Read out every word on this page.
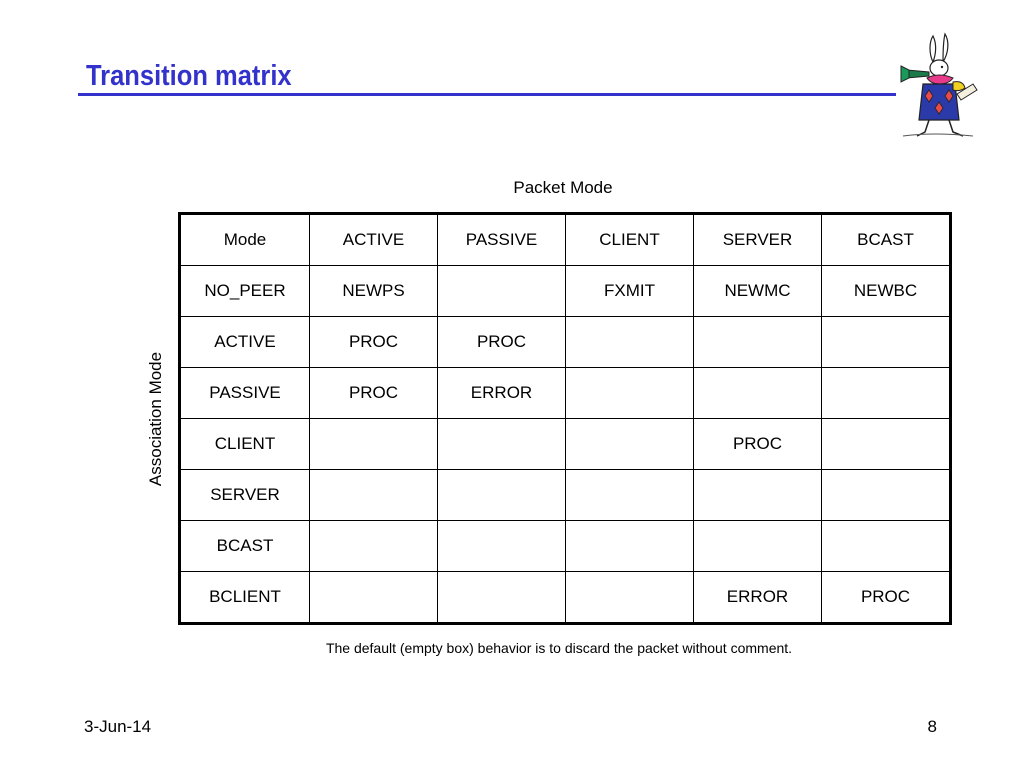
Transition matrix
Packet Mode
Association Mode
Mode	ACTIVE	PASSIVE	CLIENT	SERVER	BCAST
NO_PEER	NEWPS		FXMIT	NEWMC	NEWBC
ACTIVE	PROC	PROC			
PASSIVE	PROC	ERROR			
CLIENT				PROC	
SERVER					
BCAST					
BCLIENT				ERROR	PROC
The default (empty box) behavior is to discard the packet without comment.
3-Jun-14	8
